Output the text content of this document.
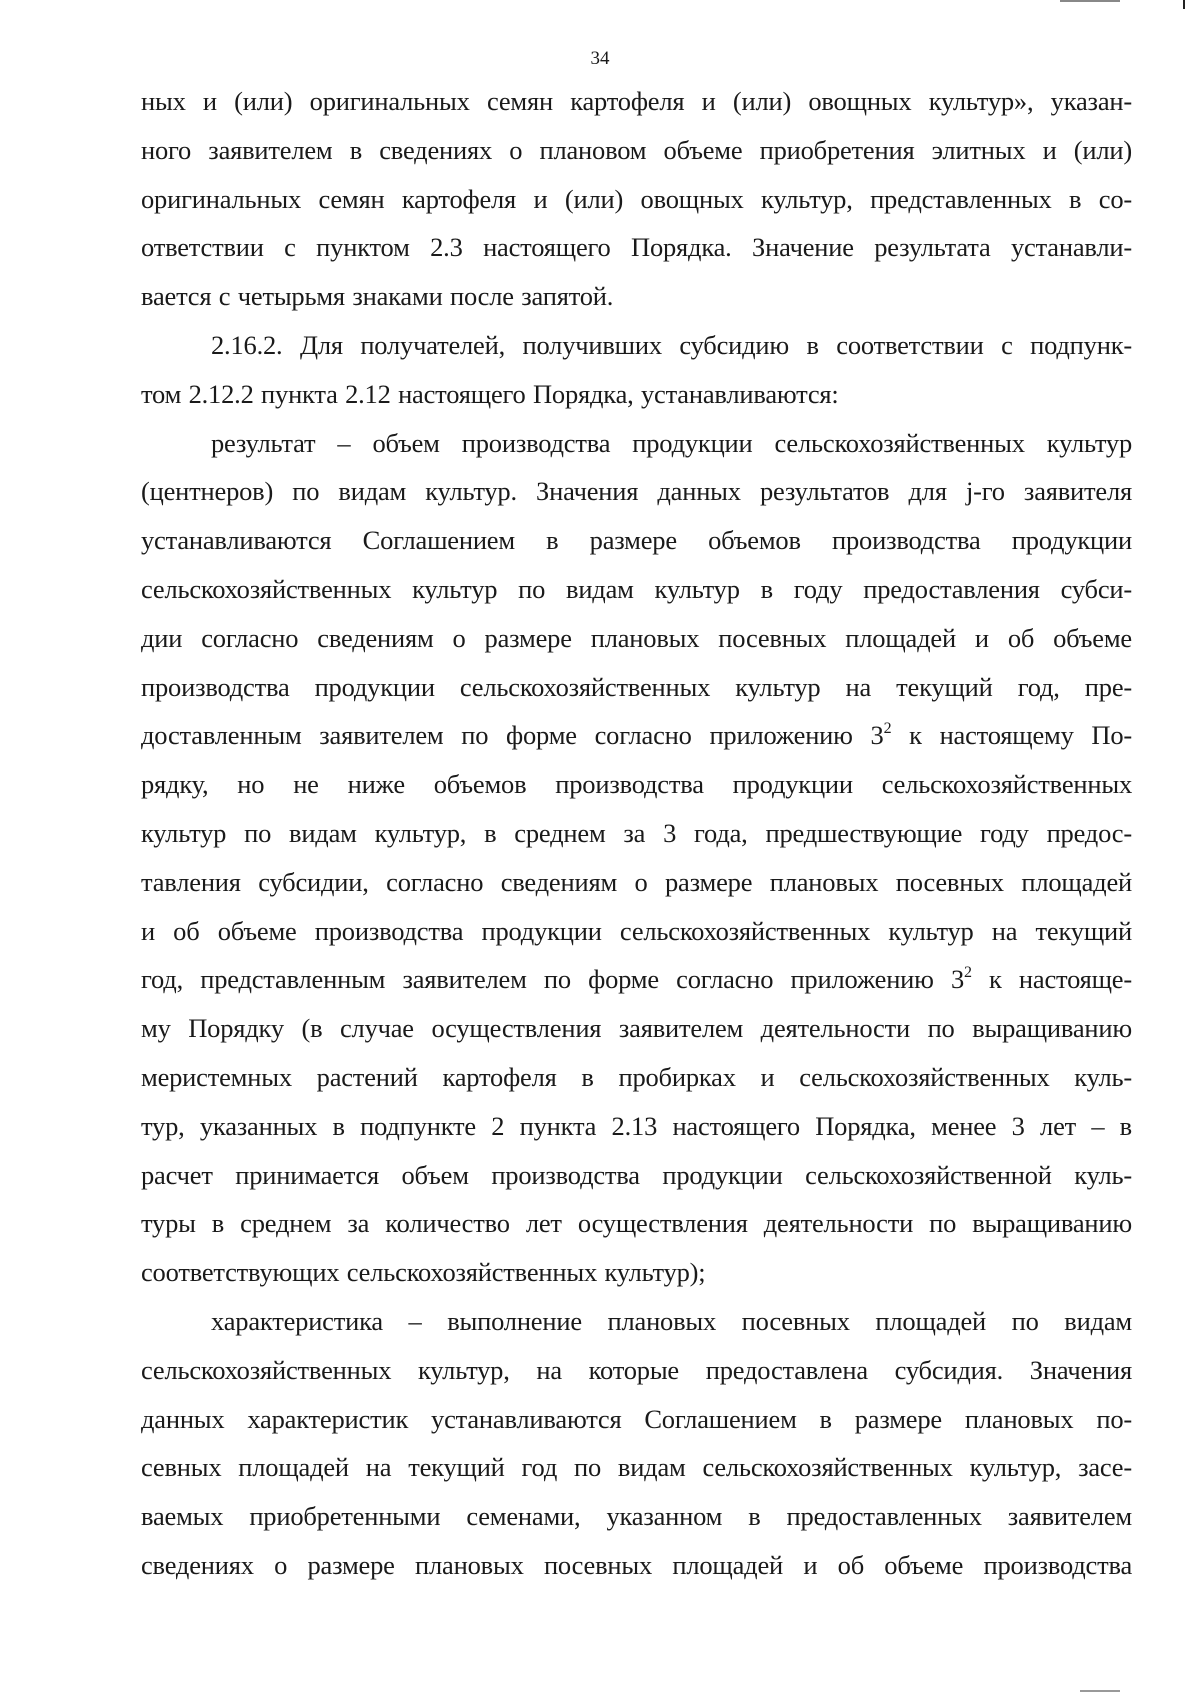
34
ных и (или) оригинальных семян картофеля и (или) овощных культур», указан-
ного заявителем в сведениях о плановом объеме приобретения элитных и (или)
оригинальных семян картофеля и (или) овощных культур, представленных в со-
ответствии с пунктом 2.3 настоящего Порядка. Значение результата устанавли-
вается с четырьмя знаками после запятой.
2.16.2. Для получателей, получивших субсидию в соответствии с подпунк-
том 2.12.2 пункта 2.12 настоящего Порядка, устанавливаются:
результат – объем производства продукции сельскохозяйственных культур
(центнеров) по видам культур. Значения данных результатов для j-го заявителя
устанавливаются Соглашением в размере объемов производства продукции
сельскохозяйственных культур по видам культур в году предоставления субси-
дии согласно сведениям о размере плановых посевных площадей и об объеме
производства продукции сельскохозяйственных культур на текущий год, пре-
доставленным заявителем по форме согласно приложению $3^2$ к настоящему По-
рядку, но не ниже объемов производства продукции сельскохозяйственных
культур по видам культур, в среднем за 3 года, предшествующие году предос-
тавления субсидии, согласно сведениям о размере плановых посевных площадей
и об объеме производства продукции сельскохозяйственных культур на текущий
год, представленным заявителем по форме согласно приложению $3^2$ к настояще-
му Порядку (в случае осуществления заявителем деятельности по выращиванию
меристемных растений картофеля в пробирках и сельскохозяйственных куль-
тур, указанных в подпункте 2 пункта 2.13 настоящего Порядка, менее 3 лет – в
расчет принимается объем производства продукции сельскохозяйственной куль-
туры в среднем за количество лет осуществления деятельности по выращиванию
соответствующих сельскохозяйственных культур);
характеристика – выполнение плановых посевных площадей по видам
сельскохозяйственных культур, на которые предоставлена субсидия. Значения
данных характеристик устанавливаются Соглашением в размере плановых по-
севных площадей на текущий год по видам сельскохозяйственных культур, засе-
ваемых приобретенными семенами, указанном в предоставленных заявителем
сведениях о размере плановых посевных площадей и об объеме производства
